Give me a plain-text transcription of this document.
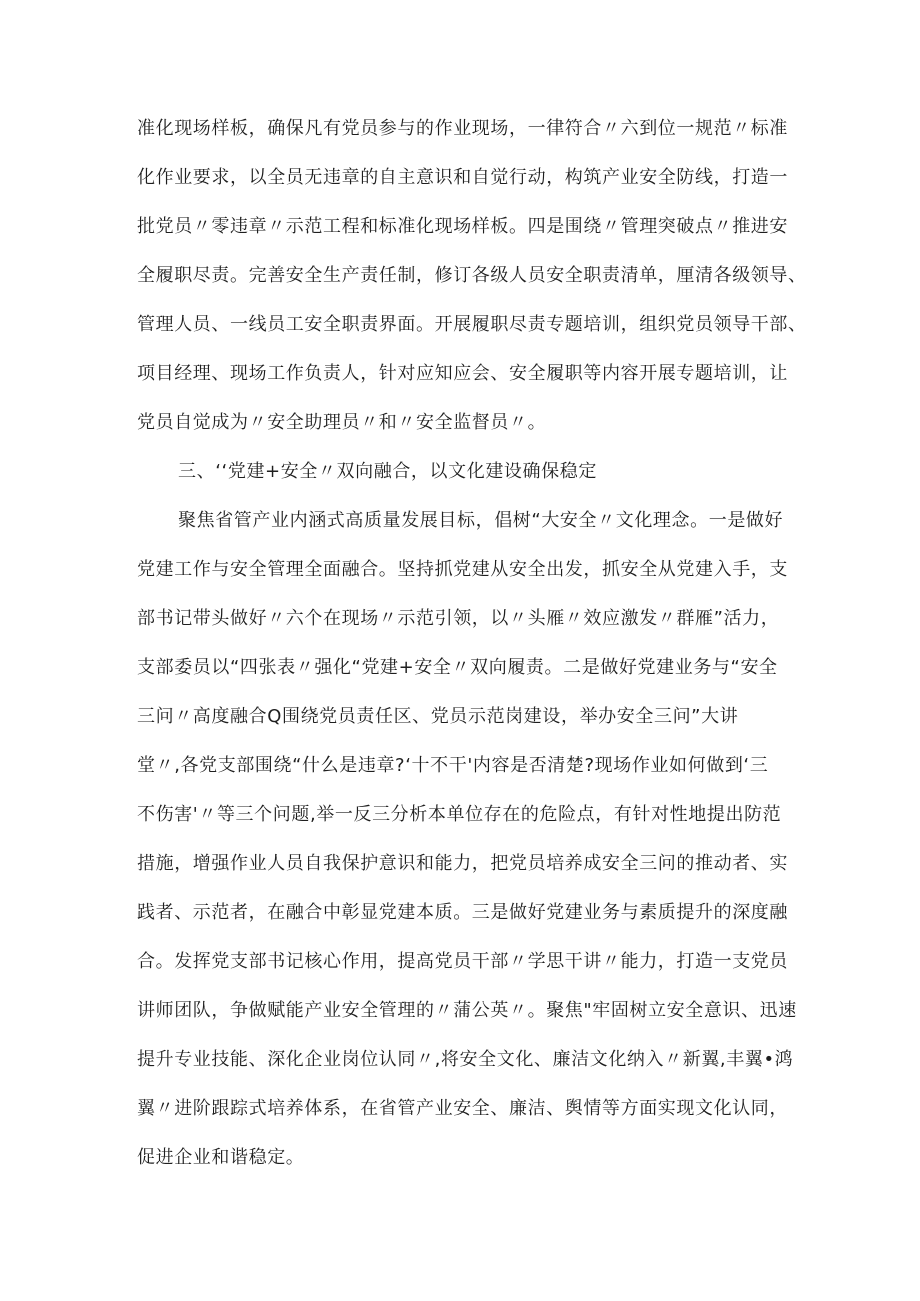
准化现场样板，确保凡有党员参与的作业现场，一律符合〃六到位一规范〃标准
化作业要求，以全员无违章的自主意识和自觉行动，构筑产业安全防线，打造一
批党员〃零违章〃示范工程和标准化现场样板。四是围绕〃管理突破点〃推进安
全履职尽责。完善安全生产责任制，修订各级人员安全职责清单，厘清各级领导、
管理人员、一线员工安全职责界面。开展履职尽责专题培训，组织党员领导干部、
项目经理、现场工作负责人，针对应知应会、安全履职等内容开展专题培训，让
党员自觉成为〃安全助理员〃和〃安全监督员〃。
三、‘‘党建+安全〃双向融合，以文化建设确保稳定
聚焦省管产业内涵式高质量发展目标，倡树“大安全〃文化理念。一是做好
党建工作与安全管理全面融合。坚持抓党建从安全出发，抓安全从党建入手，支
部书记带头做好〃六个在现场〃示范引领，以〃头雁〃效应激发〃群雁”活力，
支部委员以“四张表〃强化“党建+安全〃双向履责。二是做好党建业务与“安全
三问〃高度融合Q围绕党员责任区、党员示范岗建设，举办安全三问”大讲
堂〃,各党支部围绕“什么是违章?‘十不干'内容是否清楚?现场作业如何做到‘三
不伤害'〃等三个问题,举一反三分析本单位存在的危险点，有针对性地提出防范
措施，增强作业人员自我保护意识和能力，把党员培养成安全三问的推动者、实
践者、示范者，在融合中彰显党建本质。三是做好党建业务与素质提升的深度融
合。发挥党支部书记核心作用，提高党员干部〃学思干讲〃能力，打造一支党员
讲师团队，争做赋能产业安全管理的〃蒲公英〃。聚焦"牢固树立安全意识、迅速
提升专业技能、深化企业岗位认同〃,将安全文化、廉洁文化纳入〃新翼,丰翼•鸿
翼〃进阶跟踪式培养体系，在省管产业安全、廉洁、舆情等方面实现文化认同，
促进企业和谐稳定。
